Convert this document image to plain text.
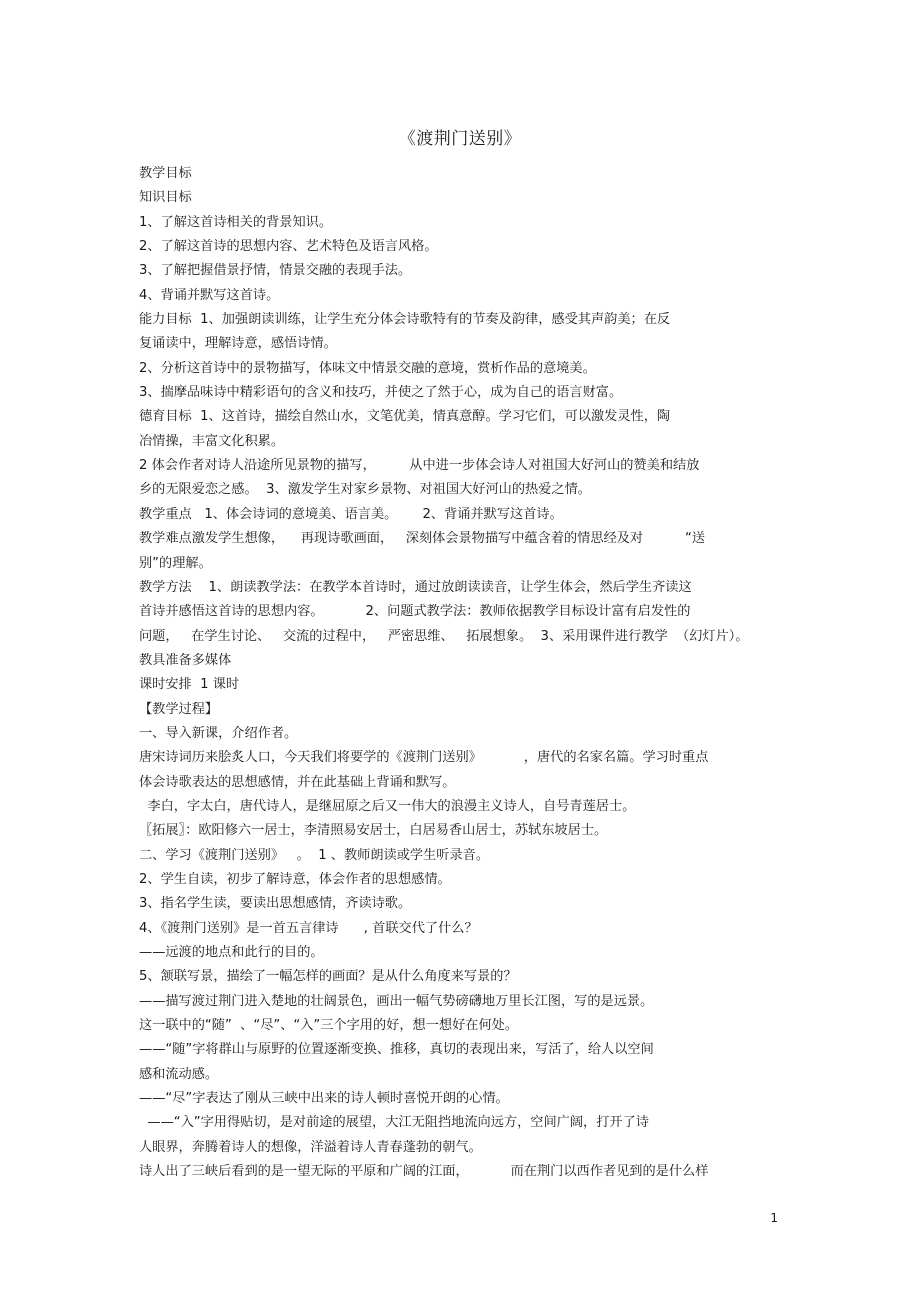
《渡荆门送别》
教学目标
知识目标
1、了解这首诗相关的背景知识。
2、了解这首诗的思想内容、艺术特色及语言风格。
3、了解把握借景抒情，情景交融的表现手法。
4、背诵并默写这首诗。
能力目标  1、加强朗读训练，让学生充分体会诗歌特有的节奏及韵律，感受其声韵美；在反
复诵读中，理解诗意，感悟诗情。
2、分析这首诗中的景物描写，体味文中情景交融的意境，赏析作品的意境美。
3、揣摩品味诗中精彩语句的含义和技巧，并使之了然于心，成为自己的语言财富。
德育目标  1、这首诗，描绘自然山水，文笔优美，情真意醇。学习它们，可以激发灵性，陶
冶情操，丰富文化积累。
2 体会作者对诗人沿途所见景物的描写，        从中进一步体会诗人对祖国大好河山的赞美和结放
乡的无限爱恋之感。  3、激发学生对家乡景物、对祖国大好河山的热爱之情。
教学重点   1、体会诗词的意境美、语言美。      2、背诵并默写这首诗。
教学难点激发学生想像，    再现诗歌画面，   深刻体会景物描写中蕴含着的情思经及对          “送
别”的理解。
教学方法    1、朗读教学法：在教学本首诗时，通过放朗读读音，让学生体会，然后学生齐读这
首诗并感悟这首诗的思想内容。          2、问题式教学法：教师依据教学目标设计富有启发性的
问题，   在学生讨论、   交流的过程中，   严密思维、   拓展想象。  3、采用课件进行教学  （幻灯片）。
教具准备多媒体
课时安排  1 课时
【教学过程】
一、导入新课，介绍作者。
唐宋诗词历来脍炙人口，今天我们将要学的《渡荆门送别》          ，唐代的名家名篇。学习时重点
体会诗歌表达的思想感情，并在此基础上背诵和默写。
李白，字太白，唐代诗人，是继屈原之后又一伟大的浪漫主义诗人，自号青莲居士。
〖拓展〗：欧阳修六一居士，李清照易安居士，白居易香山居士，苏轼东坡居士。
二、学习《渡荆门送别》   。  1 、教师朗读或学生听录音。
2、学生自读，初步了解诗意，体会作者的思想感情。
3、指名学生读，要读出思想感情，齐读诗歌。
4、《渡荆门送别》是一首五言律诗      , 首联交代了什么？
——远渡的地点和此行的目的。
5、颔联写景，描绘了一幅怎样的画面？是从什么角度来写景的？
——描写渡过荆门进入楚地的壮阔景色，画出一幅气势磅礴地万里长江图，写的是远景。
这一联中的“随”  、“尽”、“入”三个字用的好，想一想好在何处。
——“随”字将群山与原野的位置逐渐变换、推移，真切的表现出来，写活了，给人以空间
感和流动感。
——“尽”字表达了刚从三峡中出来的诗人顿时喜悦开朗的心情。
——“入”字用得贴切，是对前途的展望，大江无阻挡地流向远方，空间广阔，打开了诗
人眼界，奔腾着诗人的想像，洋溢着诗人青春蓬勃的朝气。
诗人出了三峡后看到的是一望无际的平原和广阔的江面，          而在荆门以西作者见到的是什么样
1
